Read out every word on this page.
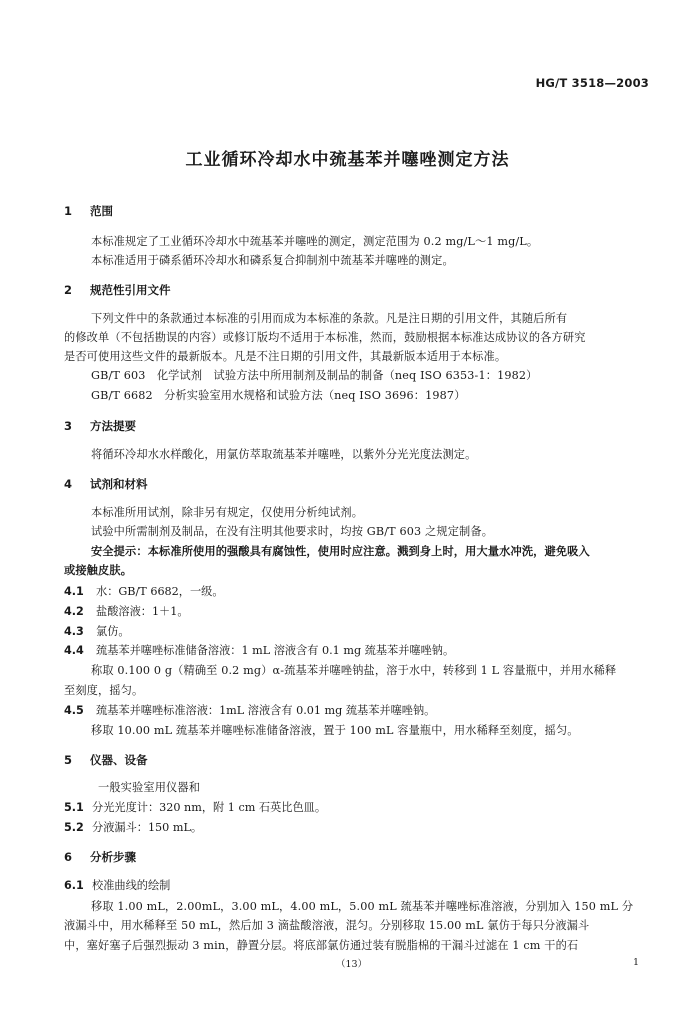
HG/T 3518—2003
工业循环冷却水中巯基苯并噻唑测定方法
1 范围
本标准规定了工业循环冷却水中巯基苯并噻唑的测定，测定范围为 0.2 mg/L～1 mg/L。
本标准适用于磷系循环冷却水和磷系复合抑制剂中巯基苯并噻唑的测定。
2 规范性引用文件
下列文件中的条款通过本标准的引用而成为本标准的条款。凡是注日期的引用文件，其随后所有
的修改单（不包括勘误的内容）或修订版均不适用于本标准，然而，鼓励根据本标准达成协议的各方研究
是否可使用这些文件的最新版本。凡是不注日期的引用文件，其最新版本适用于本标准。
GB/T 603　化学试剂　试验方法中所用制剂及制品的制备（neq ISO 6353-1：1982）
GB/T 6682　分析实验室用水规格和试验方法（neq ISO 3696：1987）
3 方法提要
将循环冷却水水样酸化，用氯仿萃取巯基苯并噻唑，以紫外分光光度法测定。
4 试剂和材料
本标准所用试剂，除非另有规定，仅使用分析纯试剂。
试验中所需制剂及制品，在没有注明其他要求时，均按 GB/T 603 之规定制备。
安全提示：本标准所使用的强酸具有腐蚀性，使用时应注意。溅到身上时，用大量水冲洗，避免吸入
或接触皮肤。
4.1 水：GB/T 6682，一级。
4.2 盐酸溶液：1＋1。
4.3 氯仿。
4.4 巯基苯并噻唑标准储备溶液：1 mL 溶液含有 0.1 mg 巯基苯并噻唑钠。
称取 0.100 0 g（精确至 0.2 mg）α-巯基苯并噻唑钠盐，溶于水中，转移到 1 L 容量瓶中，并用水稀释
至刻度，摇匀。
4.5 巯基苯并噻唑标准溶液：1mL 溶液含有 0.01 mg 巯基苯并噻唑钠。
移取 10.00 mL 巯基苯并噻唑标准储备溶液，置于 100 mL 容量瓶中，用水稀释至刻度，摇匀。
5 仪器、设备
一般实验室用仪器和
5.1 分光光度计：320 nm，附 1 cm 石英比色皿。
5.2 分液漏斗：150 mL。
6 分析步骤
6.1 校准曲线的绘制
移取 1.00 mL，2.00mL，3.00 mL，4.00 mL，5.00 mL 巯基苯并噻唑标准溶液，分别加入 150 mL 分
液漏斗中，用水稀释至 50 mL，然后加 3 滴盐酸溶液，混匀。分别移取 15.00 mL 氯仿于每只分液漏斗
中，塞好塞子后强烈振动 3 min，静置分层。将底部氯仿通过装有脱脂棉的干漏斗过滤在 1 cm 干的石
（13）	1
